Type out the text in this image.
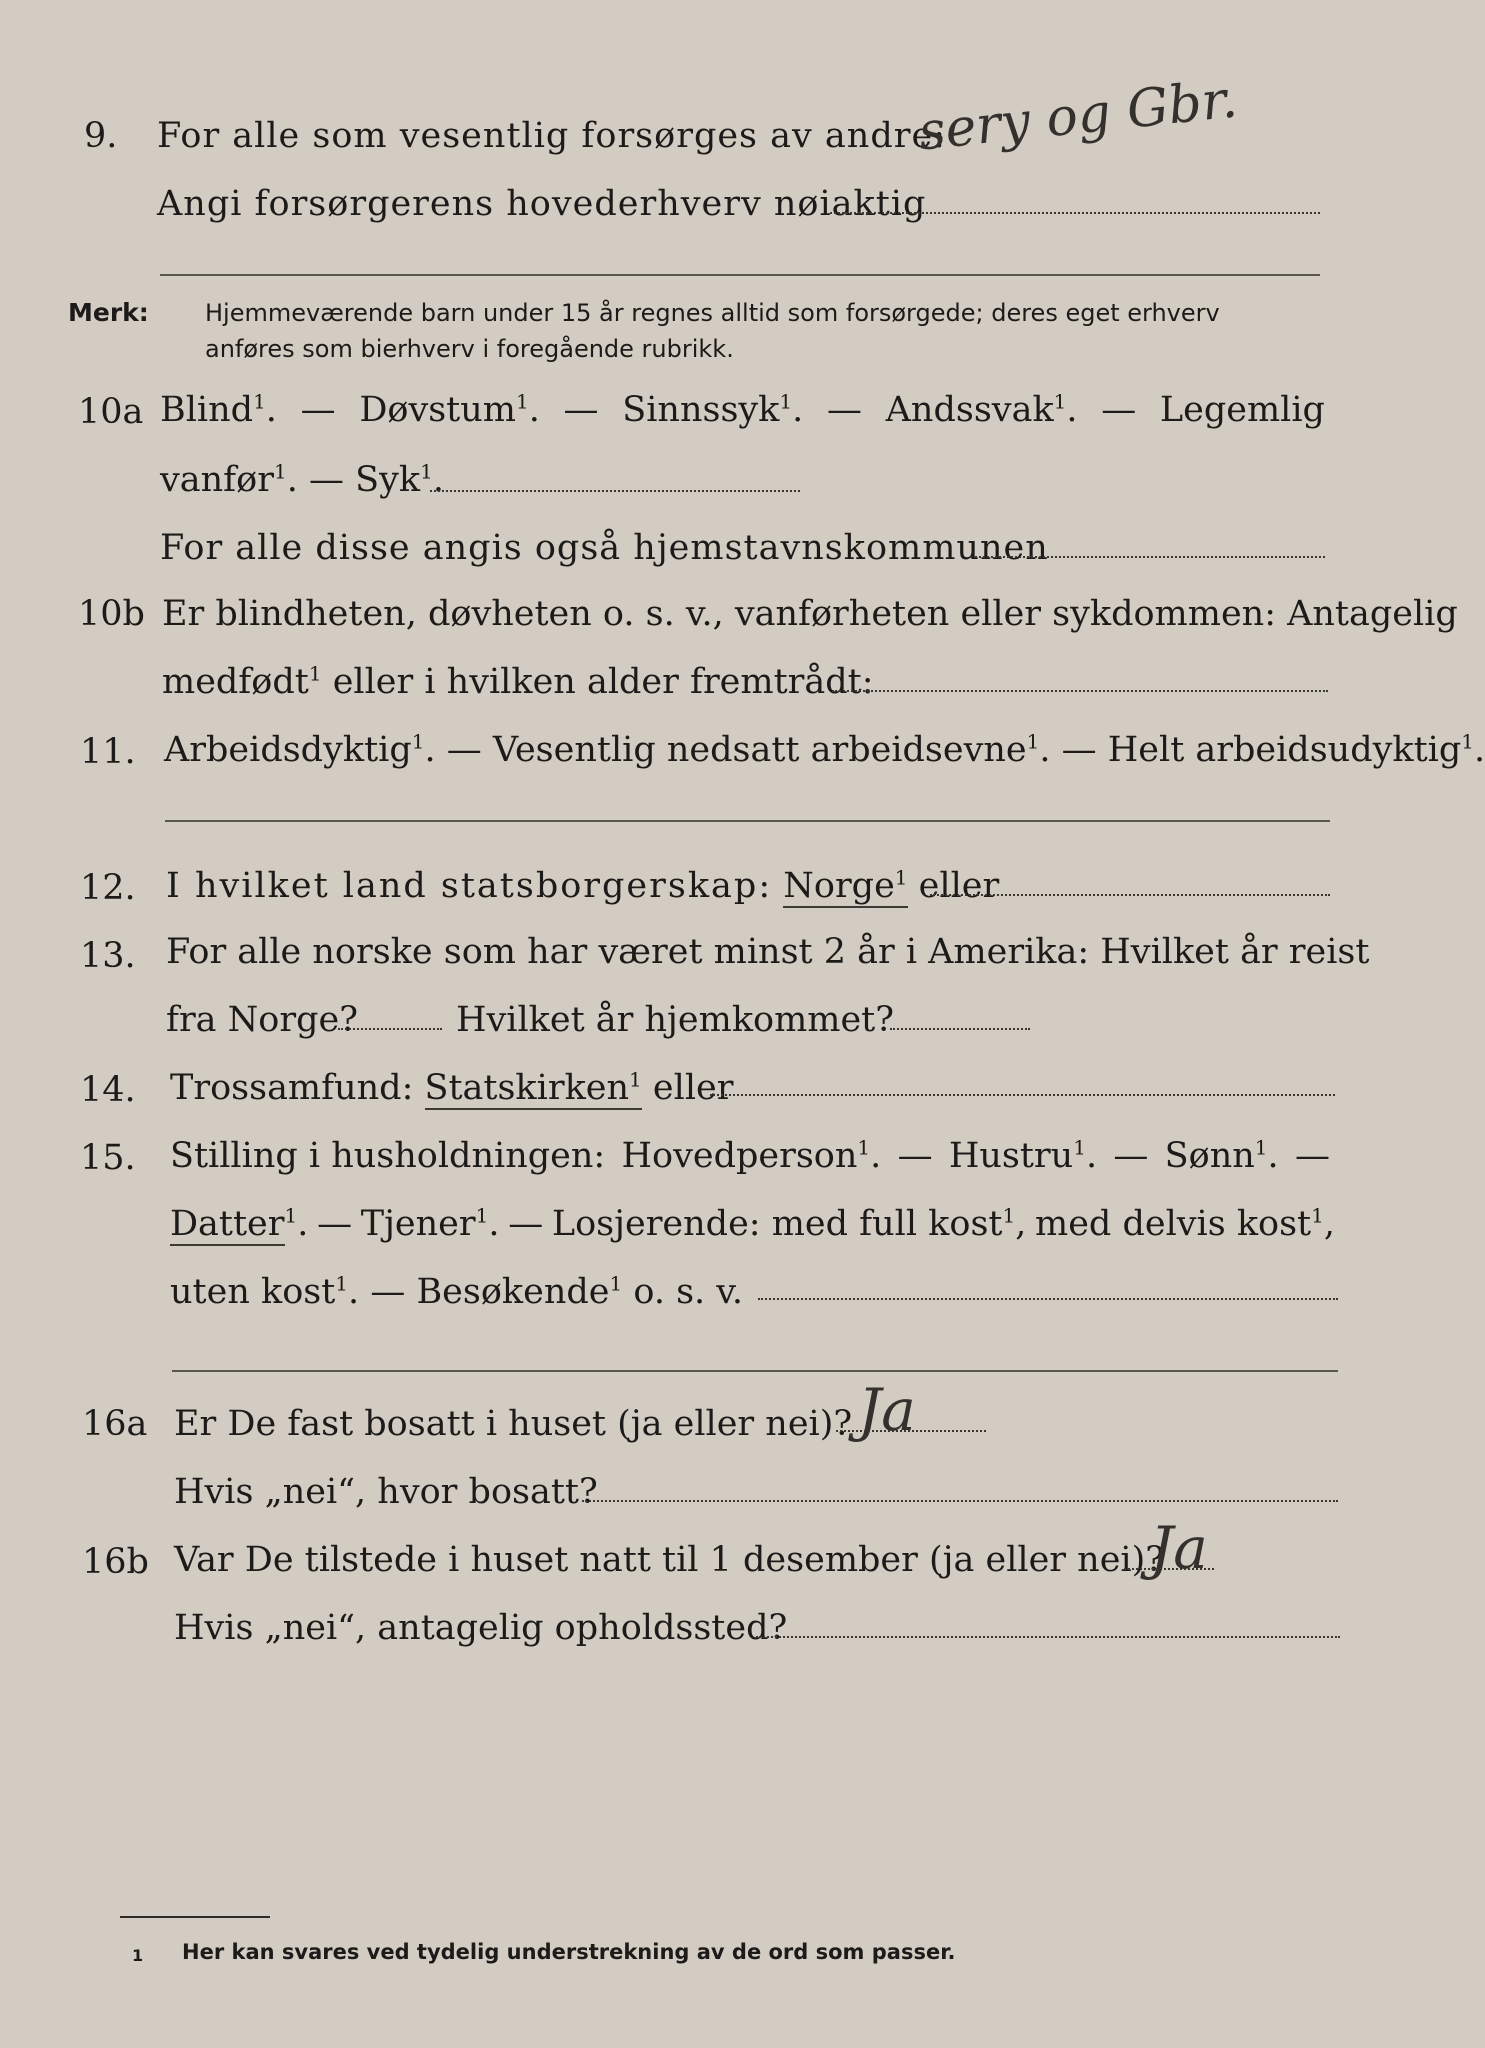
9. For alle som vesentlig forsørges av andre:
sery og Gbr.
Angi forsørgerens hovederhverv nøiaktig
Merk: Hjemmeværende barn under 15 år regnes alltid som forsørgede; deres eget erhverv
anføres som bierhverv i foregående rubrikk.
10a Blind$^1$. — Døvstum$^1$. — Sinnssyk$^1$. — Andssvak$^1$. — Legemlig
vanfør$^1$. — Syk$^1$.
For alle disse angis også hjemstavnskommunen
10b Er blindheten, døvheten o. s. v., vanførheten eller sykdommen: Antagelig
medfødt$^1$ eller i hvilken alder fremtrådt:
11. Arbeidsdyktig$^1$. — Vesentlig nedsatt arbeidsevne$^1$. — Helt arbeidsudyktig$^1$.
12. I hvilket land statsborgerskap: Norge$^1$ eller
13. For alle norske som har været minst 2 år i Amerika: Hvilket år reist
fra Norge?	Hvilket år hjemkommet?
14. Trossamfund: Statskirken$^1$ eller
15. Stilling i husholdningen: Hovedperson$^1$. — Hustru$^1$. — Sønn$^1$. —
Datter$^1$. — Tjener$^1$. — Losjerende: med full kost$^1$, med delvis kost$^1$,
uten kost$^1$. — Besøkende$^1$ o. s. v.
16a Er De fast bosatt i huset (ja eller nei)? Ja
Hvis „nei“, hvor bosatt?
16b Var De tilstede i huset natt til 1 desember (ja eller nei)?
Ja
Hvis „nei“, antagelig opholdssted?
1 Her kan svares ved tydelig understrekning av de ord som passer.
